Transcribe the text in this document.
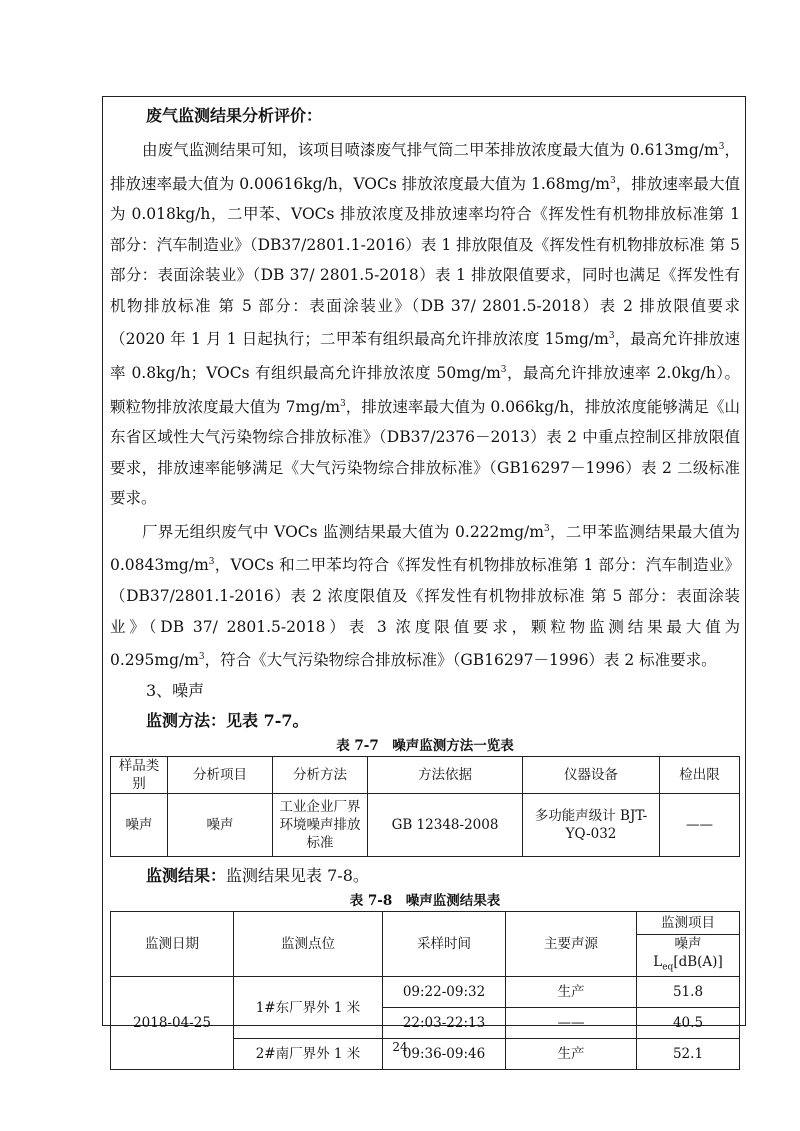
废气监测结果分析评价：

由废气监测结果可知，该项目喷漆废气排气筒二甲苯排放浓度最大值为 $0.613mg/m^3$，排放速率最大值为 0.00616kg/h，VOCs 排放浓度最大值为 $1.68mg/m^3$，排放速率最大值为 0.018kg/h，二甲苯、VOCs 排放浓度及排放速率均符合《挥发性有机物排放标准第 1 部分：汽车制造业》（DB37/2801.1-2016）表 1 排放限值及《挥发性有机物排放标准 第 5 部分：表面涂装业》（DB 37/ 2801.5-2018）表 1 排放限值要求，同时也满足《挥发性有机物排放标准 第 5 部分：表面涂装业》（DB 37/ 2801.5-2018）表 2 排放限值要求（2020 年 1 月 1 日起执行；二甲苯有组织最高允许排放浓度 $15mg/m^3$，最高允许排放速率 0.8kg/h；VOCs 有组织最高允许排放浓度 $50mg/m^3$，最高允许排放速率 2.0kg/h）。颗粒物排放浓度最大值为 $7mg/m^3$，排放速率最大值为 0.066kg/h，排放浓度能够满足《山东省区域性大气污染物综合排放标准》（DB37/2376－2013）表 2 中重点控制区排放限值要求，排放速率能够满足《大气污染物综合排放标准》（GB16297－1996）表 2 二级标准要求。

厂界无组织废气中 VOCs 监测结果最大值为 $0.222mg/m^3$，二甲苯监测结果最大值为 $0.0843mg/m^3$，VOCs 和二甲苯均符合《挥发性有机物排放标准第 1 部分：汽车制造业》（DB37/2801.1-2016）表 2 浓度限值及《挥发性有机物排放标准 第 5 部分：表面涂装业》（DB 37/ 2801.5-2018）表 3 浓度限值要求，颗粒物监测结果最大值为 $0.295mg/m^3$，符合《大气污染物综合排放标准》（GB16297－1996）表 2 标准要求。

3、噪声

监测方法：见表 7-7。

表 7-7　噪声监测方法一览表

样品类别	分析项目	分析方法	方法依据	仪器设备	检出限
噪声	噪声	工业企业厂界环境噪声排放标准	GB 12348-2008	多功能声级计 BJT-YQ-032	——

监测结果：监测结果见表 7-8。

表 7-8　噪声监测结果表

监测日期	监测点位	采样时间	主要声源	监测项目

				噪声
$L_{eq}[dB(A)]$

2018-04-25	1#东厂界外 1 米	09:22-09:32	生产	51.8
		22:03-22:13	——	40.5
	2#南厂界外 1 米	09:36-09:46	生产	52.1
24
